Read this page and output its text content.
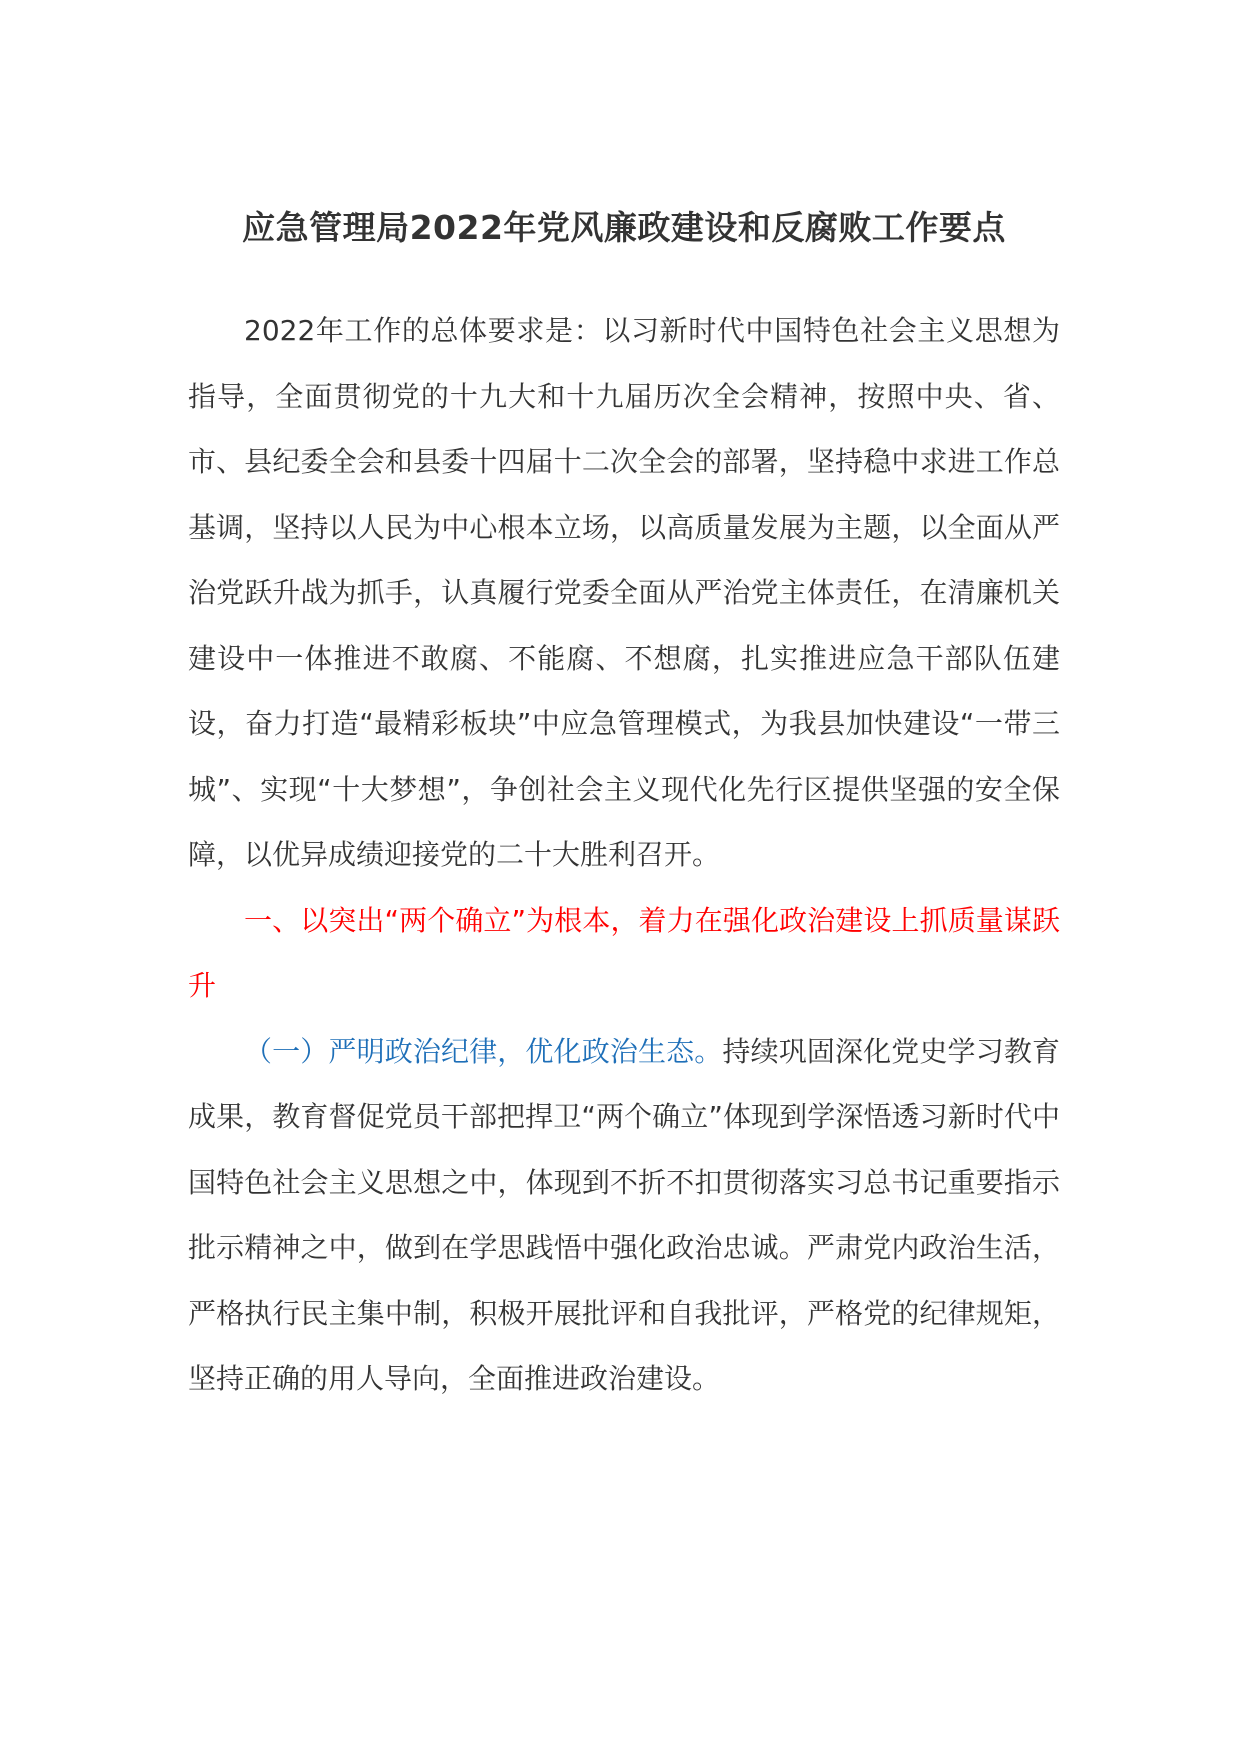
应急管理局2022年党风廉政建设和反腐败工作要点

2022年工作的总体要求是：以习新时代中国特色社会主义思想为指导，全面贯彻党的十九大和十九届历次全会精神，按照中央、省、市、县纪委全会和县委十四届十二次全会的部署，坚持稳中求进工作总基调，坚持以人民为中心根本立场，以高质量发展为主题，以全面从严治党跃升战为抓手，认真履行党委全面从严治党主体责任，在清廉机关建设中一体推进不敢腐、不能腐、不想腐，扎实推进应急干部队伍建设，奋力打造“最精彩板块”中应急管理模式，为我县加快建设“一带三城”、实现“十大梦想”，争创社会主义现代化先行区提供坚强的安全保障，以优异成绩迎接党的二十大胜利召开。

一、以突出“两个确立”为根本，着力在强化政治建设上抓质量谋跃升

（一）严明政治纪律，优化政治生态。持续巩固深化党史学习教育成果，教育督促党员干部把捍卫“两个确立”体现到学深悟透习新时代中国特色社会主义思想之中，体现到不折不扣贯彻落实习总书记重要指示批示精神之中，做到在学思践悟中强化政治忠诚。严肃党内政治生活，严格执行民主集中制，积极开展批评和自我批评，严格党的纪律规矩，坚持正确的用人导向，全面推进政治建设。
